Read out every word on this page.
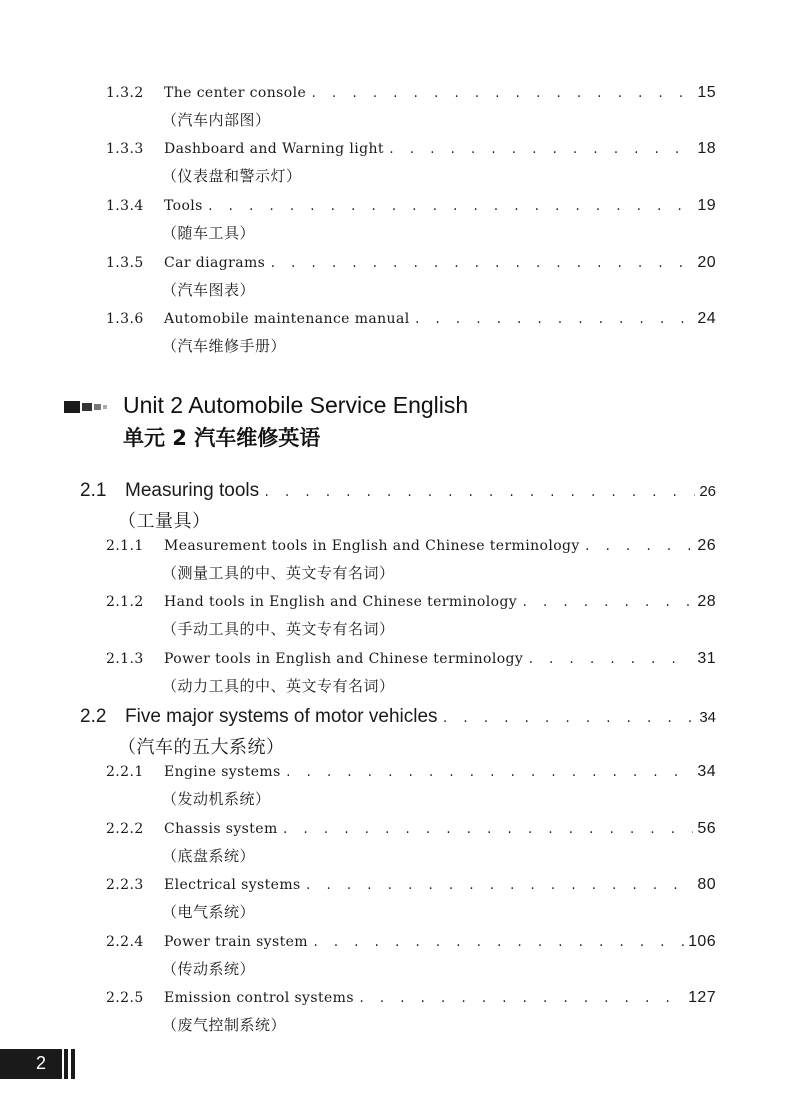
1.3.2	The center console . . .	15
（汽车内部图）
1.3.3	Dashboard and Warning light . . .	18
（仪表盘和警示灯）
1.3.4	Tools . . .	19
（随车工具）
1.3.5	Car diagrams . . .	20
（汽车图表）
1.3.6	Automobile maintenance manual . . .	24
（汽车维修手册）
Unit 2 Automobile Service English
单元 2 汽车维修英语
2.1 Measuring tools . . .	26
（工量具）
2.1.1	Measurement tools in English and Chinese terminology . . .	26
（测量工具的中、英文专有名词）
2.1.2	Hand tools in English and Chinese terminology . . .	28
（手动工具的中、英文专有名词）
2.1.3	Power tools in English and Chinese terminology . . .	31
（动力工具的中、英文专有名词）
2.2 Five major systems of motor vehicles . . .	34
（汽车的五大系统）
2.2.1	Engine systems . . .	34
（发动机系统）
2.2.2	Chassis system . . .	56
（底盘系统）
2.2.3	Electrical systems . . .	80
（电气系统）
2.2.4	Power train system . . .	106
（传动系统）
2.2.5	Emission control systems . . .	127
（废气控制系统）
2
